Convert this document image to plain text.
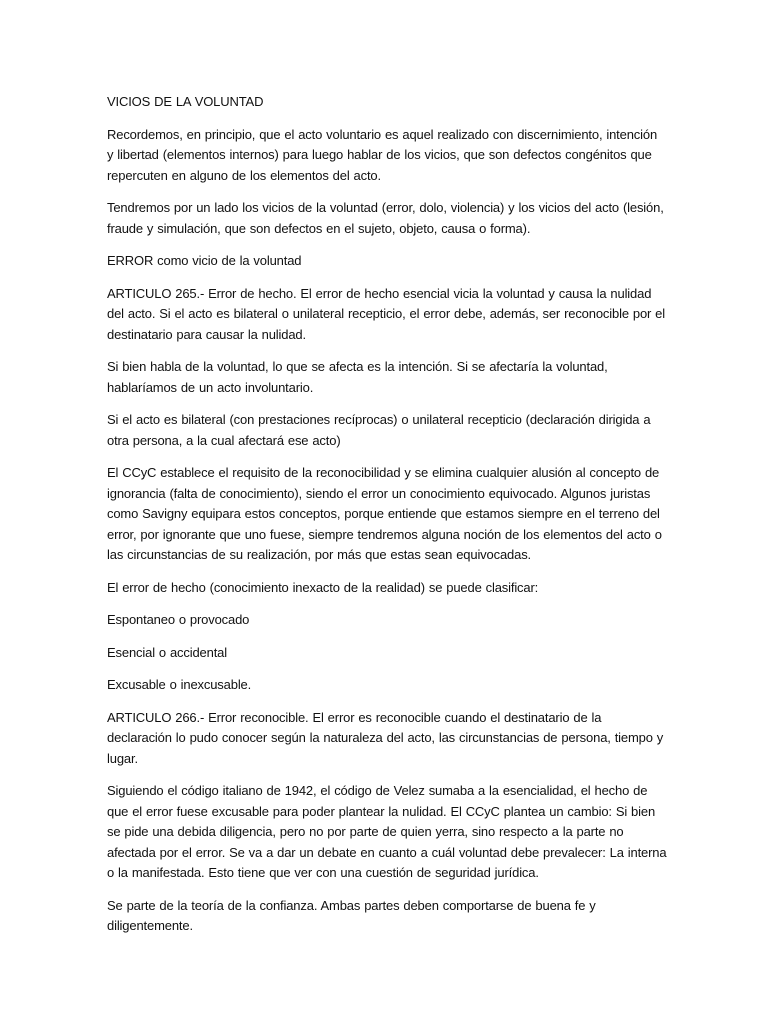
VICIOS DE LA VOLUNTAD

Recordemos, en principio, que el acto voluntario es aquel realizado con discernimiento, intención y libertad (elementos internos) para luego hablar de los vicios, que son defectos congénitos que repercuten en alguno de los elementos del acto.

Tendremos por un lado los vicios de la voluntad (error, dolo, violencia) y los vicios del acto (lesión, fraude y simulación, que son defectos en el sujeto, objeto, causa o forma).

ERROR como vicio de la voluntad

ARTICULO 265.- Error de hecho. El error de hecho esencial vicia la voluntad y causa la nulidad del acto. Si el acto es bilateral o unilateral recepticio, el error debe, además, ser reconocible por el destinatario para causar la nulidad.

Si bien habla de la voluntad, lo que se afecta es la intención. Si se afectaría la voluntad, hablaríamos de un acto involuntario.

Si el acto es bilateral (con prestaciones recíprocas) o unilateral recepticio (declaración dirigida a otra persona, a la cual afectará ese acto)

El CCyC establece el requisito de la reconocibilidad y se elimina cualquier alusión al concepto de ignorancia (falta de conocimiento), siendo el error un conocimiento equivocado. Algunos juristas como Savigny equipara estos conceptos, porque entiende que estamos siempre en el terreno del error, por ignorante que uno fuese, siempre tendremos alguna noción de los elementos del acto o las circunstancias de su realización, por más que estas sean equivocadas.

El error de hecho (conocimiento inexacto de la realidad) se puede clasificar:

Espontaneo o provocado

Esencial o accidental

Excusable o inexcusable.

ARTICULO 266.- Error reconocible. El error es reconocible cuando el destinatario de la declaración lo pudo conocer según la naturaleza del acto, las circunstancias de persona, tiempo y lugar.

Siguiendo el código italiano de 1942, el código de Velez sumaba a la esencialidad, el hecho de que el error fuese excusable para poder plantear la nulidad. El CCyC plantea un cambio: Si bien se pide una debida diligencia, pero no por parte de quien yerra, sino respecto a la parte no afectada por el error. Se va a dar un debate en cuanto a cuál voluntad debe prevalecer: La interna o la manifestada. Esto tiene que ver con una cuestión de seguridad jurídica.

Se parte de la teoría de la confianza. Ambas partes deben comportarse de buena fe y diligentemente.
